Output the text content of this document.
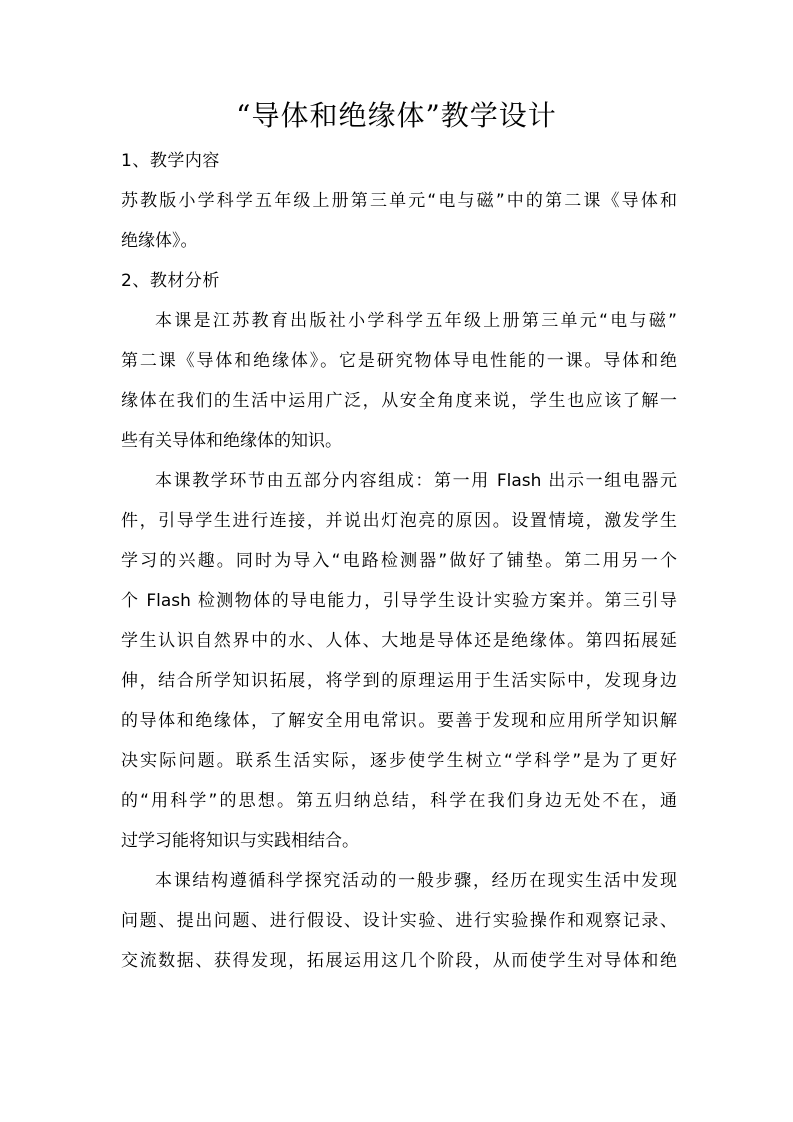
“导体和绝缘体”教学设计

1、教学内容

苏教版小学科学五年级上册第三单元“电与磁”中的第二课《导体和

绝缘体》。

2、教材分析

本课是江苏教育出版社小学科学五年级上册第三单元“电与磁”

第二课《导体和绝缘体》。它是研究物体导电性能的一课。导体和绝

缘体在我们的生活中运用广泛，从安全角度来说，学生也应该了解一

些有关导体和绝缘体的知识。

本课教学环节由五部分内容组成：第一用 Flash 出示一组电器元

件，引导学生进行连接，并说出灯泡亮的原因。设置情境，激发学生

学习的兴趣。同时为导入“电路检测器”做好了铺垫。第二用另一个

个 Flash 检测物体的导电能力，引导学生设计实验方案并。第三引导

学生认识自然界中的水、人体、大地是导体还是绝缘体。第四拓展延

伸，结合所学知识拓展，将学到的原理运用于生活实际中，发现身边

的导体和绝缘体，了解安全用电常识。要善于发现和应用所学知识解

决实际问题。联系生活实际，逐步使学生树立“学科学”是为了更好

的“用科学”的思想。第五归纳总结，科学在我们身边无处不在，通

过学习能将知识与实践相结合。

本课结构遵循科学探究活动的一般步骤，经历在现实生活中发现

问题、提出问题、进行假设、设计实验、进行实验操作和观察记录、

交流数据、获得发现，拓展运用这几个阶段，从而使学生对导体和绝
